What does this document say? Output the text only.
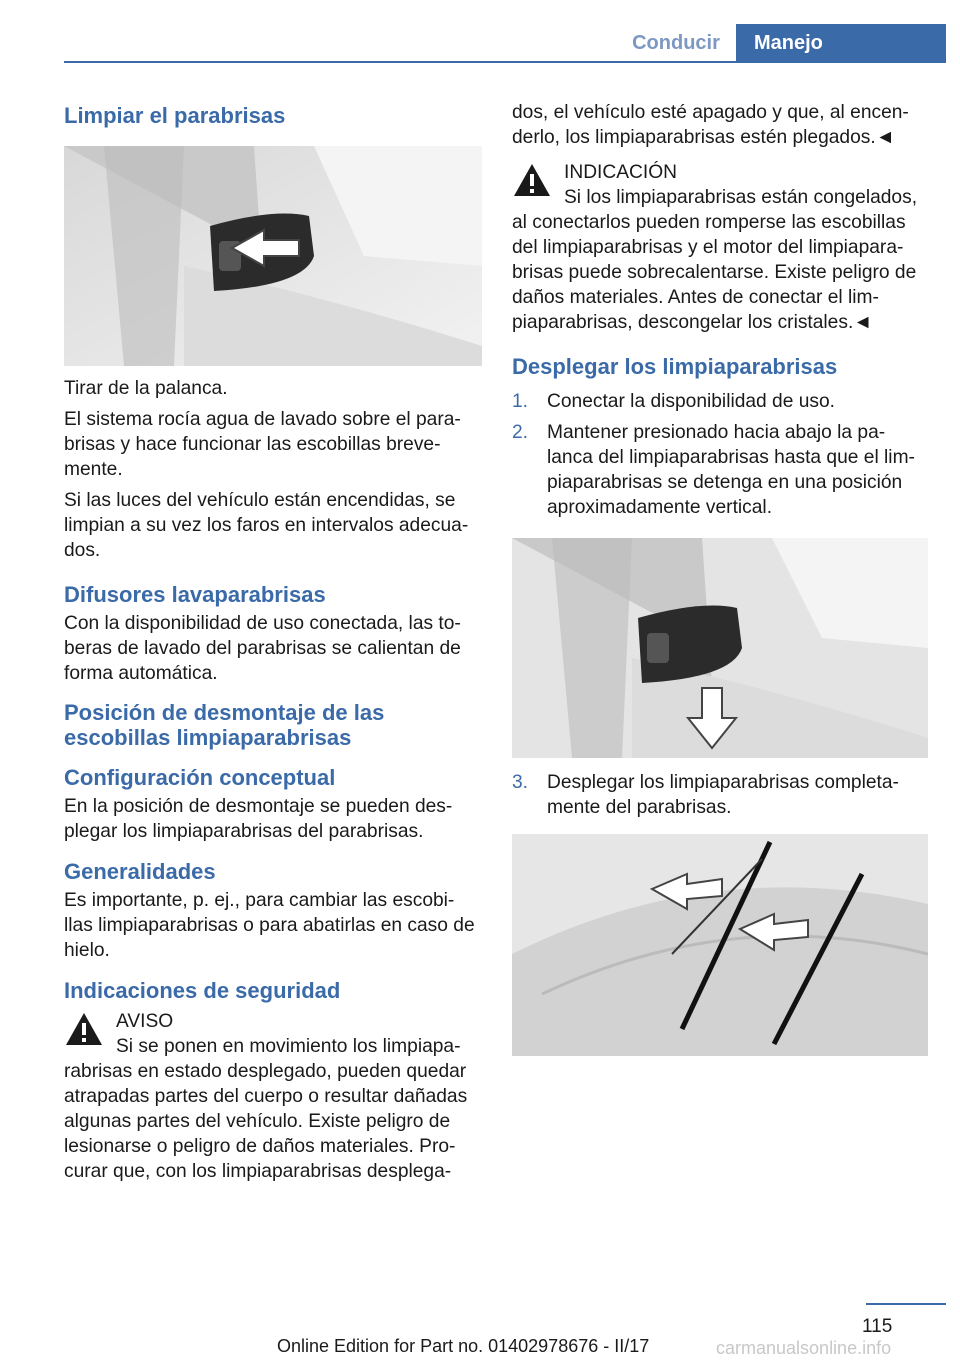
Conducir Manejo
Limpiar el parabrisas

Tirar de la palanca.

El sistema rocía agua de lavado sobre el para-brisas y hace funcionar las escobillas breve-mente.

Si las luces del vehículo están encendidas, se limpian a su vez los faros en intervalos adecua-dos.

Difusores lavaparabrisas

Con la disponibilidad de uso conectada, las to-beras de lavado del parabrisas se calientan de forma automática.

Posición de desmontaje de las escobillas limpiaparabrisas
Configuración conceptual

En la posición de desmontaje se pueden des-plegar los limpiaparabrisas del parabrisas.

Generalidades

Es importante, p. ej., para cambiar las escobi-llas limpiaparabrisas o para abatirlas en caso de hielo.

Indicaciones de seguridad
AVISO

Si se ponen en movimiento los limpiapa-rabrisas en estado desplegado, pueden quedar atrapadas partes del cuerpo o resultar dañadas algunas partes del vehículo. Existe peligro de lesionarse o peligro de daños materiales. Pro-curar que, con los limpiaparabrisas desplega-

dos, el vehículo esté apagado y que, al encen-derlo, los limpiaparabrisas estén plegados.◄

INDICACIÓN

Si los limpiaparabrisas están congelados, al conectarlos pueden romperse las escobillas del limpiaparabrisas y el motor del limpiapara-brisas puede sobrecalentarse. Existe peligro de daños materiales. Antes de conectar el lim-piaparabrisas, descongelar los cristales.◄

Desplegar los limpiaparabrisas
1. Conectar la disponibilidad de uso.
2. Mantener presionado hacia abajo la pa-lanca del limpiaparabrisas hasta que el lim-piaparabrisas se detenga en una posición aproximadamente vertical.
3. Desplegar los limpiaparabrisas completa-mente del parabrisas.
115
Online Edition for Part no. 01402978676 - II/17	carmanualsonline.info
